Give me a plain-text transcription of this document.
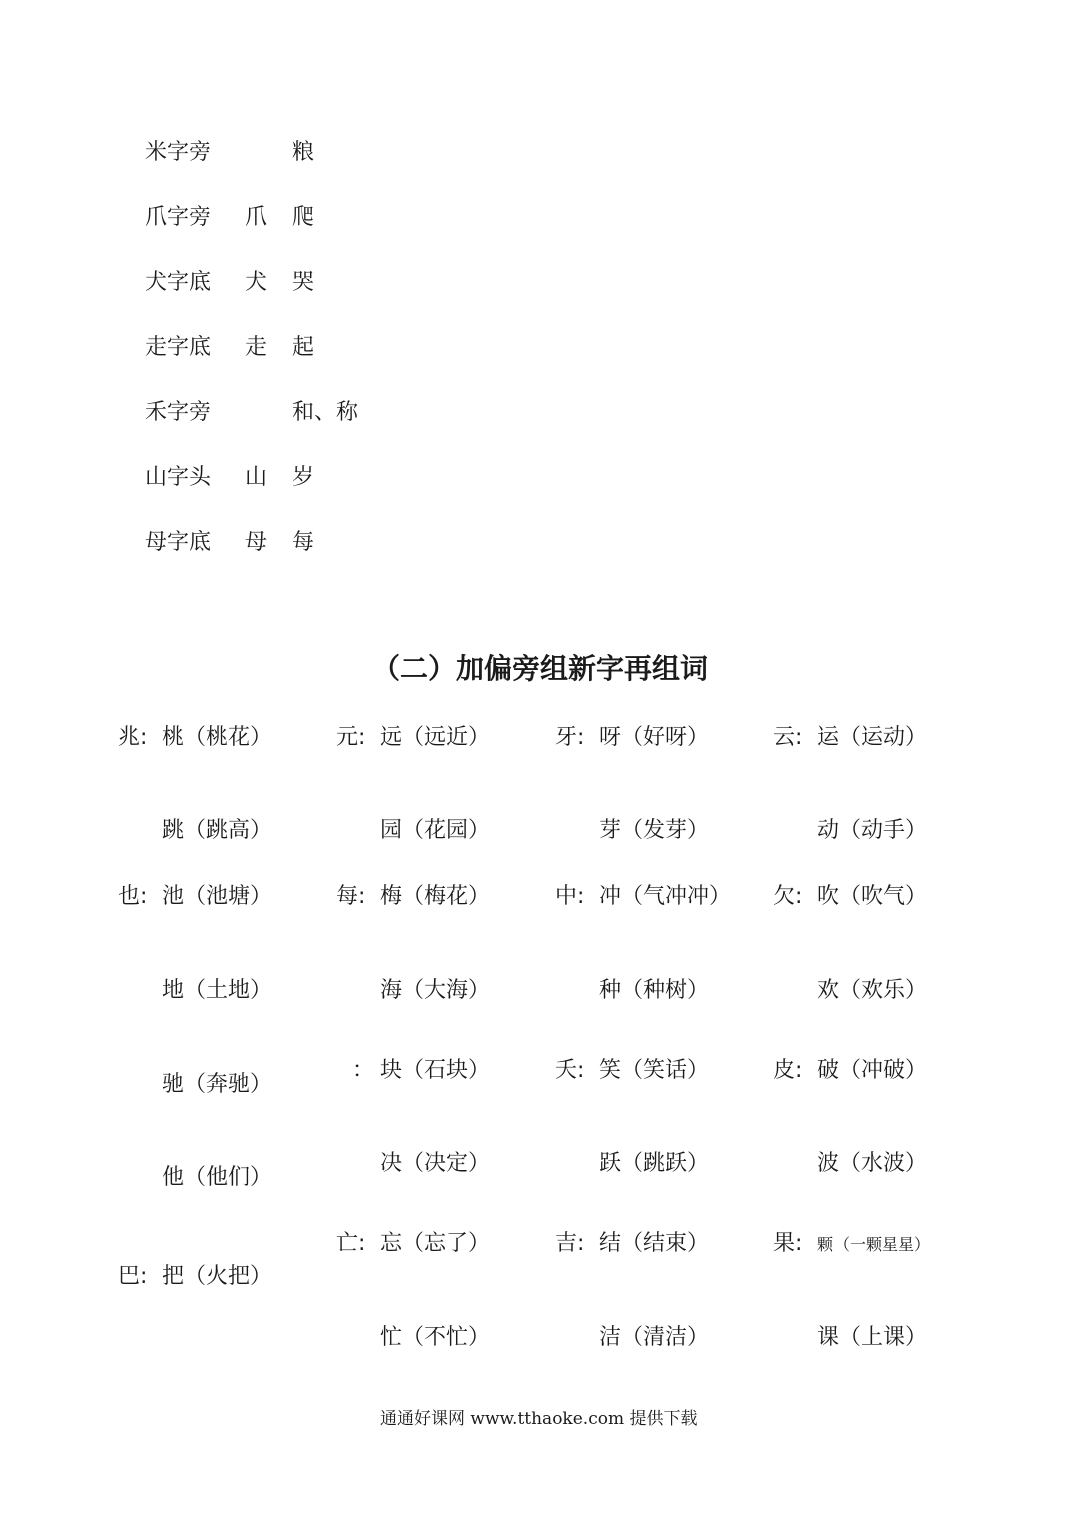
米字旁	粮
爪字旁 爪 爬
犬字底 犬 哭
走字底 走 起
禾字旁	和、称
山字头 山 岁
母字底 母 每
（二）加偏旁组新字再组词
兆: 桃（桃花）
跳（跳高）
也: 池（池塘）
地（土地）
驰（奔驰）
他（他们）
巴: 把（火把）
元: 远（远近）
园（花园）
每: 梅（梅花）
海（大海）
： 块（石块）
决（决定）
亡: 忘（忘了）
忙（不忙）
牙: 呀（好呀）
芽（发芽）
中: 冲（气冲冲）
种（种树）
夭: 笑（笑话）
跃（跳跃）
吉: 结（结束）
洁（清洁）
云: 运（运动）
动（动手）
欠: 吹（吹气）
欢（欢乐）
皮: 破（冲破）
波（水波）
果: 颗 （一颗星星）
课（上课）
通通好课网 www.tthaoke.com 提供下载
